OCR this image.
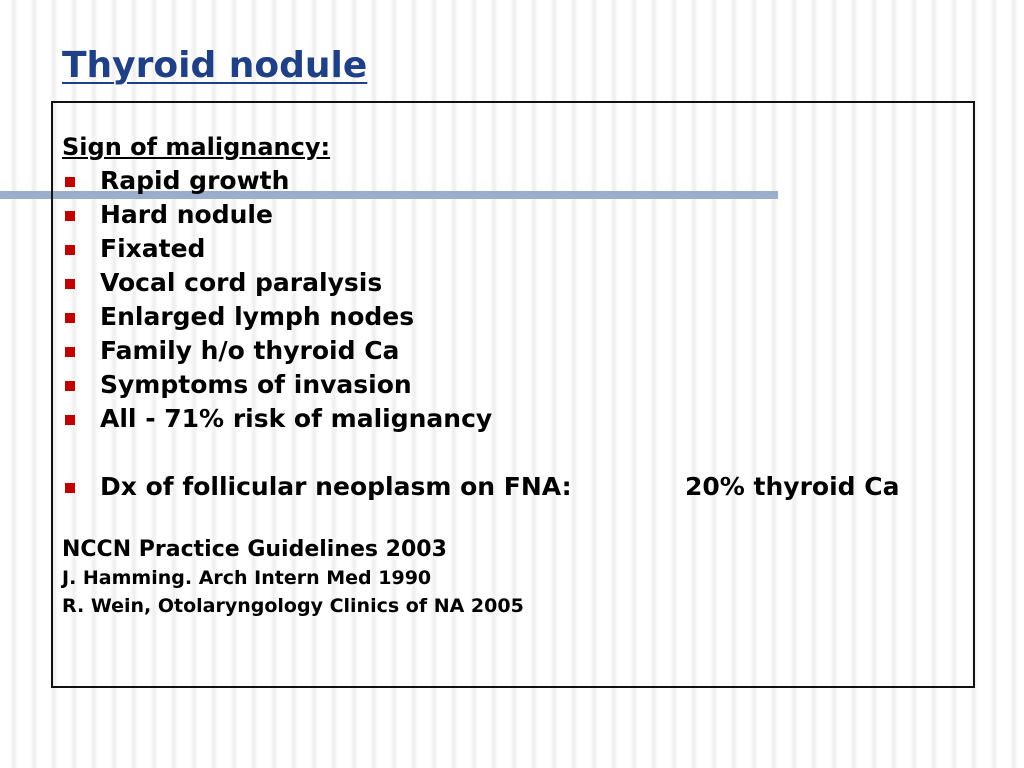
Thyroid nodule

Sign of malignancy:

Rapid growth
Hard nodule
Fixated
Vocal cord paralysis
Enlarged lymph nodes
Family h/o thyroid Ca
Symptoms of invasion
All - 71% risk of malignancy
Dx of follicular neoplasm on FNA:	20% thyroid Ca
NCCN Practice Guidelines 2003
J. Hamming. Arch Intern Med 1990
R. Wein, Otolaryngology Clinics of NA 2005
